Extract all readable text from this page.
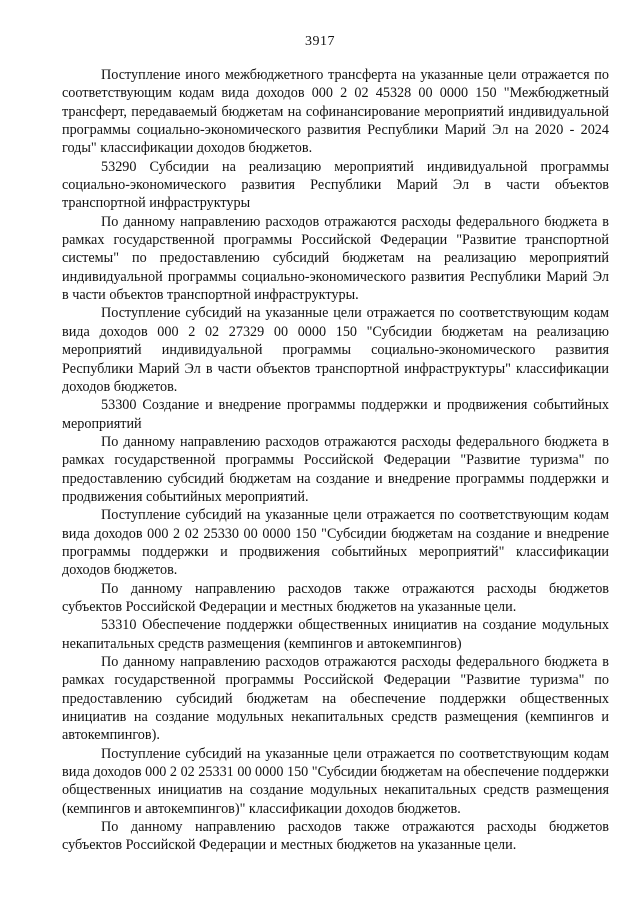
3917

Поступление иного межбюджетного трансферта на указанные цели отражается по соответствующим кодам вида доходов 000 2 02 45328 00 0000 150 "Межбюджетный трансферт, передаваемый бюджетам на софинансирование мероприятий индивидуальной программы социально-экономического развития Республики Марий Эл на 2020 - 2024 годы" классификации доходов бюджетов.

53290 Субсидии на реализацию мероприятий индивидуальной программы социально-экономического развития Республики Марий Эл в части объектов транспортной инфраструктуры

По данному направлению расходов отражаются расходы федерального бюджета в рамках государственной программы Российской Федерации "Развитие транспортной системы" по предоставлению субсидий бюджетам на реализацию мероприятий индивидуальной программы социально-экономического развития Республики Марий Эл в части объектов транспортной инфраструктуры.

Поступление субсидий на указанные цели отражается по соответствующим кодам вида доходов 000 2 02 27329 00 0000 150 "Субсидии бюджетам на реализацию мероприятий индивидуальной программы социально-экономического развития Республики Марий Эл в части объектов транспортной инфраструктуры" классификации доходов бюджетов.

53300 Создание и внедрение программы поддержки и продвижения событийных мероприятий

По данному направлению расходов отражаются расходы федерального бюджета в рамках государственной программы Российской Федерации "Развитие туризма" по предоставлению субсидий бюджетам на создание и внедрение программы поддержки и продвижения событийных мероприятий.

Поступление субсидий на указанные цели отражается по соответствующим кодам вида доходов 000 2 02 25330 00 0000 150 "Субсидии бюджетам на создание и внедрение программы поддержки и продвижения событийных мероприятий" классификации доходов бюджетов.

По данному направлению расходов также отражаются расходы бюджетов субъектов Российской Федерации и местных бюджетов на указанные цели.

53310 Обеспечение поддержки общественных инициатив на создание модульных некапитальных средств размещения (кемпингов и автокемпингов)

По данному направлению расходов отражаются расходы федерального бюджета в рамках государственной программы Российской Федерации "Развитие туризма" по предоставлению субсидий бюджетам на обеспечение поддержки общественных инициатив на создание модульных некапитальных средств размещения (кемпингов и автокемпингов).

Поступление субсидий на указанные цели отражается по соответствующим кодам вида доходов 000 2 02 25331 00 0000 150 "Субсидии бюджетам на обеспечение поддержки общественных инициатив на создание модульных некапитальных средств размещения (кемпингов и автокемпингов)" классификации доходов бюджетов.

По данному направлению расходов также отражаются расходы бюджетов субъектов Российской Федерации и местных бюджетов на указанные цели.
